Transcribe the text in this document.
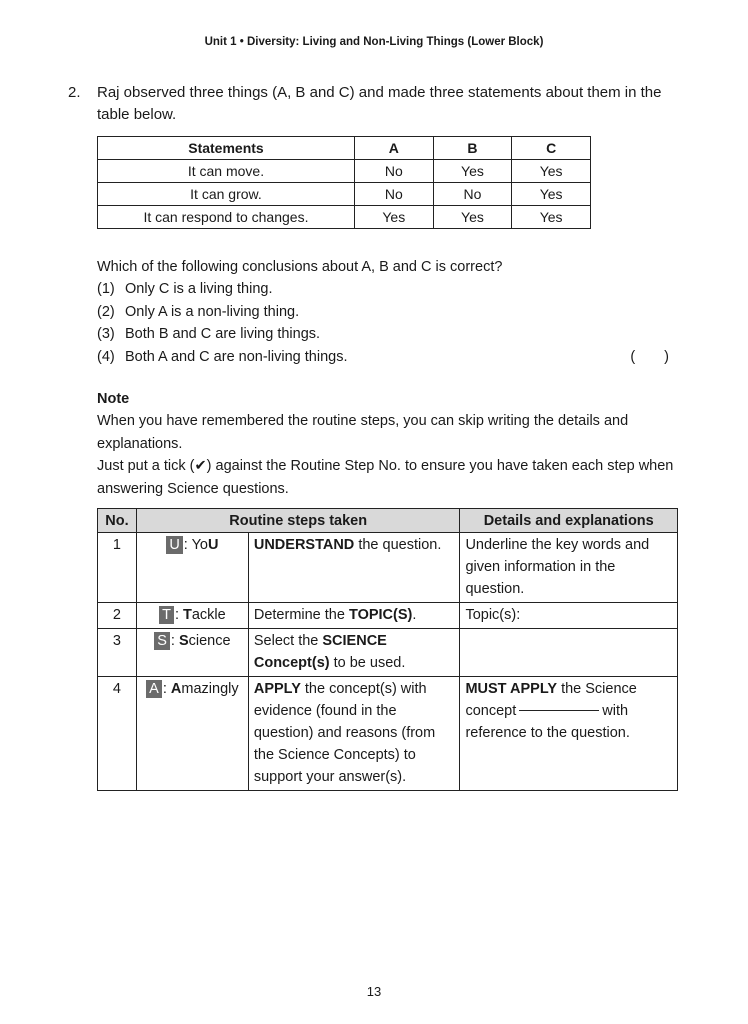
Unit 1 • Diversity: Living and Non-Living Things (Lower Block)
2. Raj observed three things (A, B and C) and made three statements about them in the table below.
Statements	A	B	C
It can move.	No	Yes	Yes
It can grow.	No	No	Yes
It can respond to changes.	Yes	Yes	Yes
Which of the following conclusions about A, B and C is correct?
(1) Only C is a living thing.
(2) Only A is a non-living thing.
(3) Both B and C are living things.
(4) Both A and C are non-living things.	(  )
Note
When you have remembered the routine steps, you can skip writing the details and explanations.
Just put a tick (✔) against the Routine Step No. to ensure you have taken each step when answering Science questions.
No.	Routine steps taken		Details and explanations
1	U : YoU	UNDERSTAND the question.	Underline the key words and given information in the question.
2	T : Tackle	Determine the TOPIC(S).	Topic(s):
3	S : Science	Select the SCIENCE Concept(s) to be used.	
4	A : Amazingly	APPLY the concept(s) with evidence (found in the question) and reasons (from the Science Concepts) to support your answer(s).	MUST APPLY the Science concept with reference to the question.
13
